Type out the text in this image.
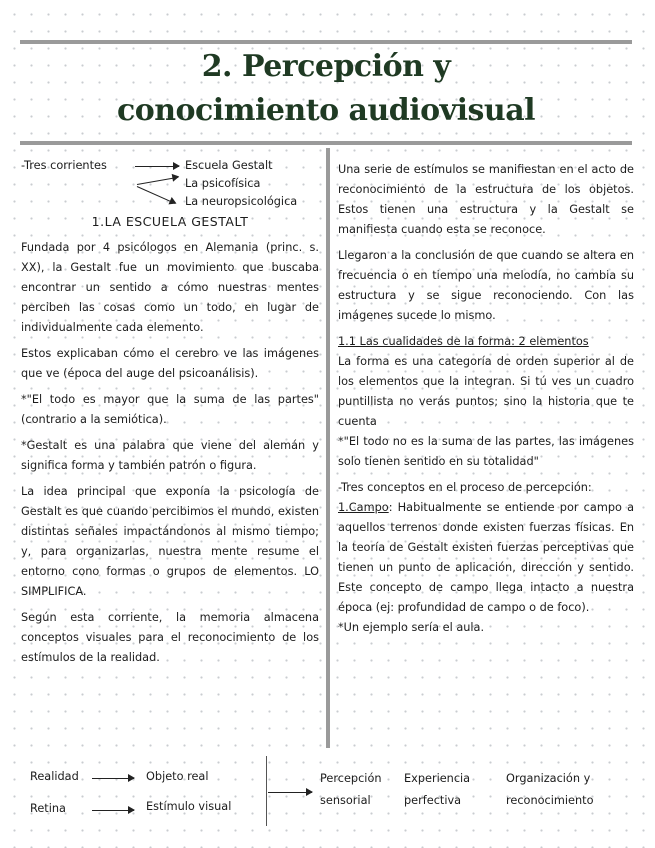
2. Percepción y
conocimiento audiovisual
-Tres corrientes	Escuela Gestalt
La psicofísica
La neuropsicológica
1.LA ESCUELA GESTALT

Fundada por 4 psicólogos en Alemania (princ. s. XX), la Gestalt fue un movimiento que buscaba encontrar un sentido a cómo nuestras mentes perciben las cosas como un todo, en lugar de individualmente cada elemento.

Estos explicaban cómo el cerebro ve las imágenes que ve (época del auge del psicoanálisis).

*"El todo es mayor que la suma de las partes" (contrario a la semiótica).

*Gestalt es una palabra que viene del alemán y significa forma y también patrón o figura.

La idea principal que exponía la psicología de Gestalt es que cuando percibimos el mundo, existen distintas señales impactándonos al mismo tiempo; y, para organizarlas, nuestra mente resume el entorno cono formas o grupos de elementos. LO SIMPLIFICA.

Según esta corriente, la memoria almacena conceptos visuales para el reconocimiento de los estímulos de la realidad.

Una serie de estímulos se manifiestan en el acto de reconocimiento de la estructura de los objetos. Estos tienen una estructura y la Gestalt se manifiesta cuando esta se reconoce.

Llegaron a la conclusión de que cuando se altera en frecuencia o en tiempo una melodía, no cambia su estructura y se sigue reconociendo. Con las imágenes sucede lo mismo.

1.1 Las cualidades de la forma: 2 elementos

La forma es una categoría de orden superior al de los elementos que la integran. Si tú ves un cuadro puntillista no verás puntos; sino la historia que te cuenta

*"El todo no es la suma de las partes, las imágenes solo tienen sentido en su totalidad"

-Tres conceptos en el proceso de percepción:

1.Campo: Habitualmente se entiende por campo a aquellos terrenos donde existen fuerzas físicas. En la teoría de Gestalt existen fuerzas perceptivas que tienen un punto de aplicación, dirección y sentido. Este concepto de campo llega intacto a nuestra época (ej: profundidad de campo o de foco).

*Un ejemplo sería el aula.

Realidad	Objeto real
Retina	Estímulo visual
Percepción
sensorial
Experiencia
perfectiva
Organización y
reconocimiento
